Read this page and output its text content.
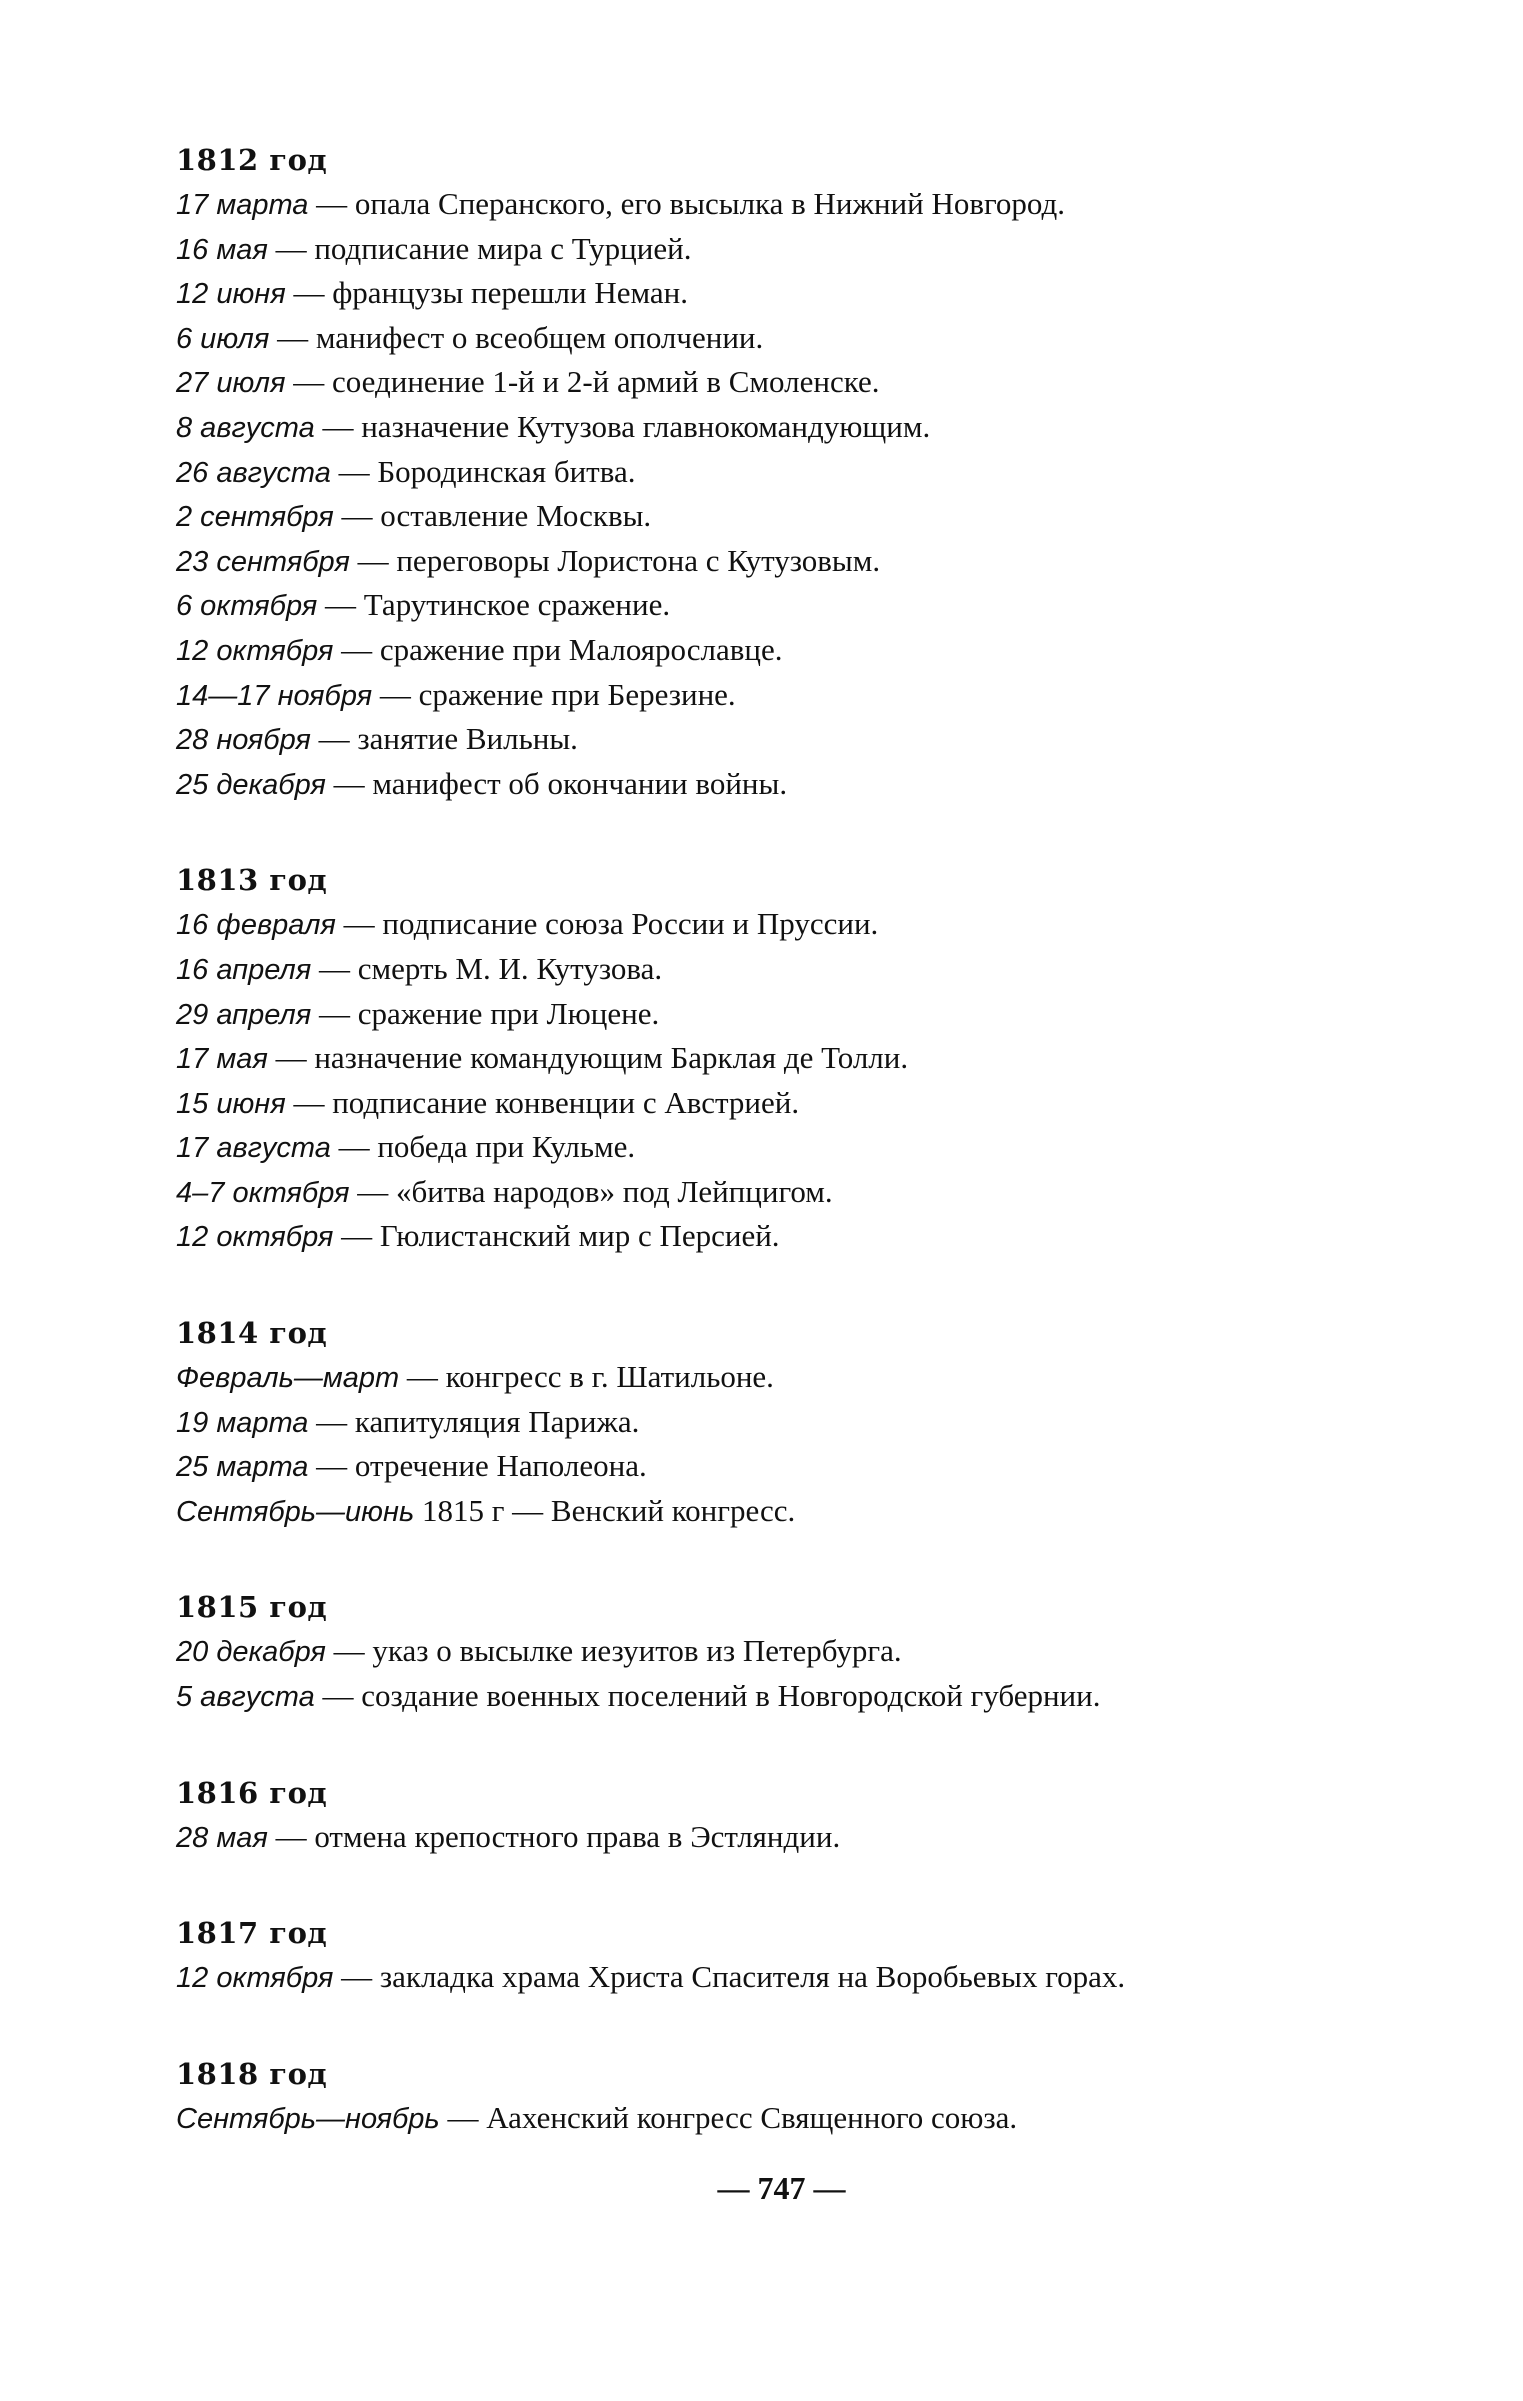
1812 год
17 марта — опала Сперанского, его высылка в Нижний Новгород.
16 мая — подписание мира с Турцией.
12 июня — французы перешли Неман.
6 июля — манифест о всеобщем ополчении.
27 июля — соединение 1-й и 2-й армий в Смоленске.
8 августа — назначение Кутузова главнокомандующим.
26 августа — Бородинская битва.
2 сентября — оставление Москвы.
23 сентября — переговоры Лористона с Кутузовым.
6 октября — Тарутинское сражение.
12 октября — сражение при Малоярославце.
14—17 ноября — сражение при Березине.
28 ноября — занятие Вильны.
25 декабря — манифест об окончании войны.
1813 год
16 февраля — подписание союза России и Пруссии.
16 апреля — смерть М. И. Кутузова.
29 апреля — сражение при Люцене.
17 мая — назначение командующим Барклая де Толли.
15 июня — подписание конвенции с Австрией.
17 августа — победа при Кульме.
4–7 октября — «битва народов» под Лейпцигом.
12 октября — Гюлистанский мир с Персией.
1814 год
Февраль—март — конгресс в г. Шатильоне.
19 марта — капитуляция Парижа.
25 марта — отречение Наполеона.
Сентябрь—июнь 1815 г — Венский конгресс.
1815 год
20 декабря — указ о высылке иезуитов из Петербурга.
5 августа — создание военных поселений в Новгородской губернии.
1816 год
28 мая — отмена крепостного права в Эстляндии.
1817 год
12 октября — закладка храма Христа Спасителя на Воробьевых горах.
1818 год
Сентябрь—ноябрь — Аахенский конгресс Священного союза.
— 747 —
